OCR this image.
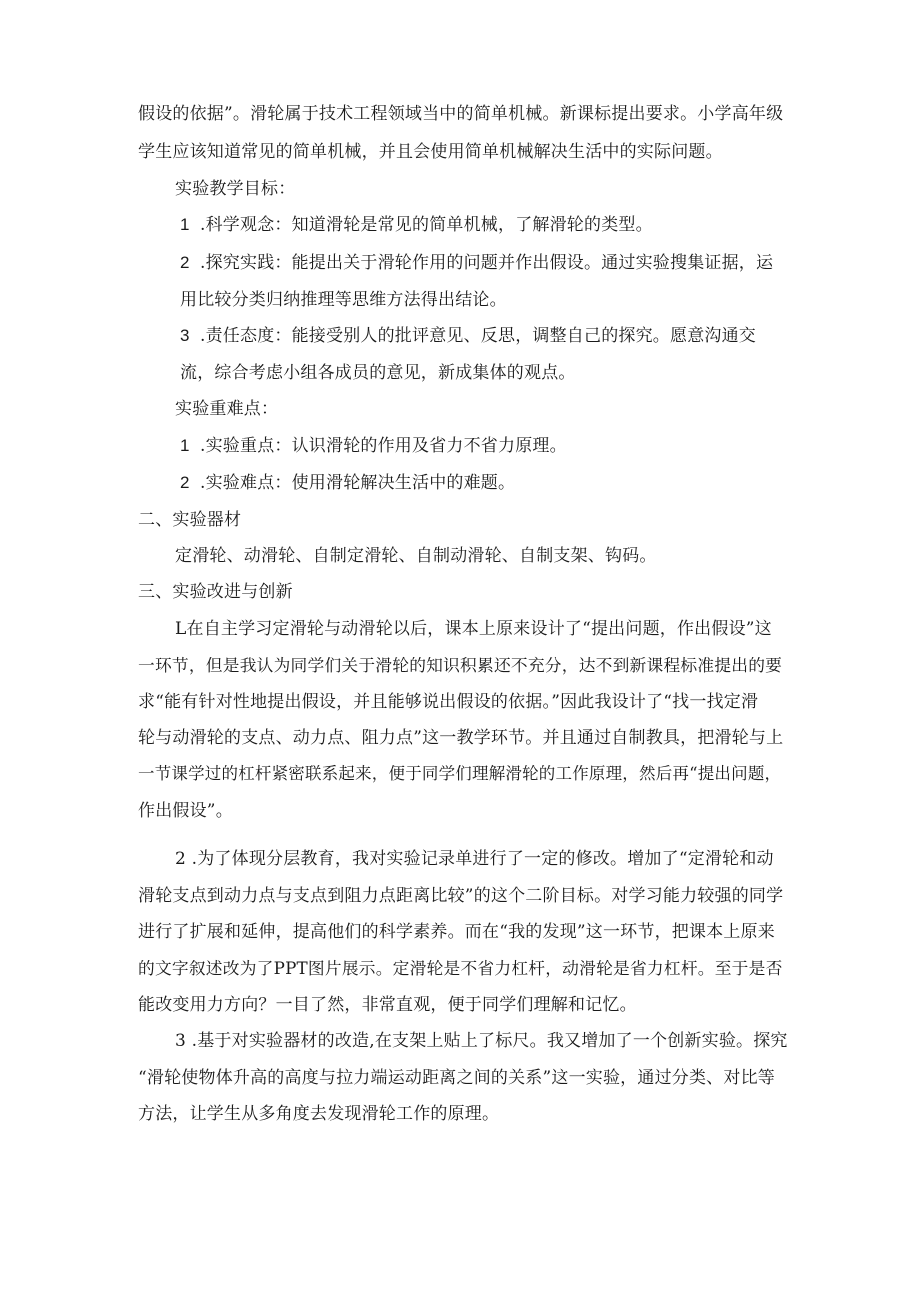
假设的依据”。滑轮属于技术工程领域当中的简单机械。新课标提出要求。小学高年级
学生应该知道常见的简单机械，并且会使用简单机械解决生活中的实际问题。
实验教学目标：
1 .科学观念：知道滑轮是常见的简单机械，了解滑轮的类型。
2 .探究实践：能提出关于滑轮作用的问题并作出假设。通过实验搜集证据，运
用比较分类归纳推理等思维方法得出结论。
3 .责任态度：能接受别人的批评意见、反思，调整自己的探究。愿意沟通交
流，综合考虑小组各成员的意见，新成集体的观点。
实验重难点：
1 .实验重点：认识滑轮的作用及省力不省力原理。
2 .实验难点：使用滑轮解决生活中的难题。
二、实验器材
定滑轮、动滑轮、自制定滑轮、自制动滑轮、自制支架、钩码。
三、实验改进与创新
L在自主学习定滑轮与动滑轮以后，课本上原来设计了“提出问题，作出假设”这
一环节，但是我认为同学们关于滑轮的知识积累还不充分，达不到新课程标准提出的要
求“能有针对性地提出假设，并且能够说出假设的依据。”因此我设计了“找一找定滑
轮与动滑轮的支点、动力点、阻力点”这一教学环节。并且通过自制教具，把滑轮与上
一节课学过的杠杆紧密联系起来，便于同学们理解滑轮的工作原理，然后再“提出问题，
作出假设”。
2 .为了体现分层教育，我对实验记录单进行了一定的修改。增加了“定滑轮和动
滑轮支点到动力点与支点到阻力点距离比较”的这个二阶目标。对学习能力较强的同学
进行了扩展和延伸，提高他们的科学素养。而在“我的发现”这一环节，把课本上原来
的文字叙述改为了PPT图片展示。定滑轮是不省力杠杆，动滑轮是省力杠杆。至于是否
能改变用力方向？一目了然，非常直观，便于同学们理解和记忆。
3 .基于对实验器材的改造,在支架上贴上了标尺。我又增加了一个创新实验。探究
“滑轮使物体升高的高度与拉力端运动距离之间的关系”这一实验，通过分类、对比等
方法，让学生从多角度去发现滑轮工作的原理。
